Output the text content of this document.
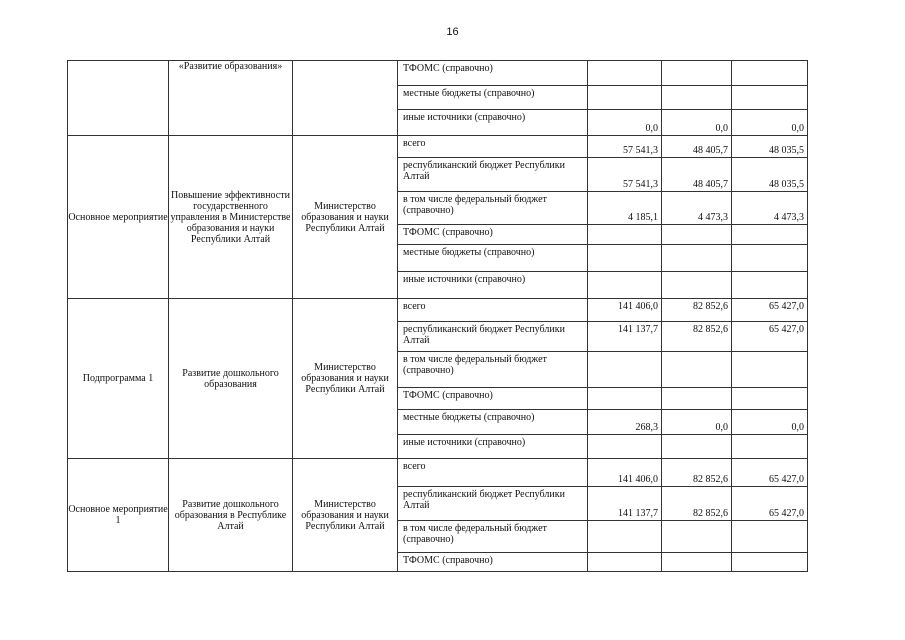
16
	«Развитие образования»		ТФОМС (справочно)			
			местные бюджеты (справочно)			
			иные источники (справочно)	0,0	0,0	0,0
Основное мероприятие	Повышение эффективности государственного управления в Министерстве образования и науки Республики Алтай	Министерство образования и науки Республики Алтай	всего	57 541,3	48 405,7	48 035,5
			республиканский бюджет Республики Алтай	57 541,3	48 405,7	48 035,5
			в том числе федеральный бюджет (справочно)	4 185,1	4 473,3	4 473,3
			ТФОМС (справочно)			
			местные бюджеты (справочно)			
			иные источники (справочно)			
Подпрограмма 1	Развитие дошкольного образования	Министерство образования и науки Республики Алтай	всего	141 406,0	82 852,6	65 427,0
			республиканский бюджет Республики Алтай	141 137,7	82 852,6	65 427,0
			в том числе федеральный бюджет (справочно)			
			ТФОМС (справочно)			
			местные бюджеты (справочно)	268,3	0,0	0,0
			иные источники (справочно)			
Основное мероприятие 1	Развитие дошкольного образования в Республике Алтай	Министерство образования и науки Республики Алтай	всего	141 406,0	82 852,6	65 427,0
			республиканский бюджет Республики Алтай	141 137,7	82 852,6	65 427,0
			в том числе федеральный бюджет (справочно)			
			ТФОМС (справочно)			
